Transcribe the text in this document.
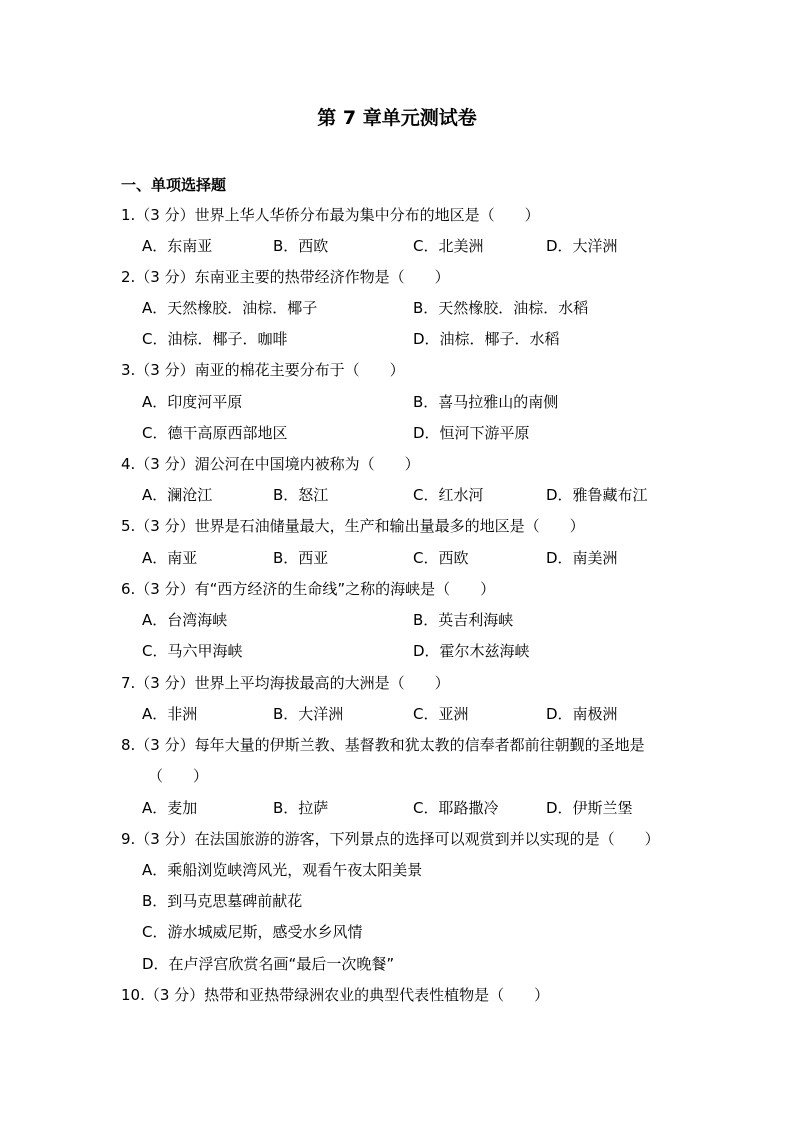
第 7 章单元测试卷
一、单项选择题
1.（3 分）世界上华人华侨分布最为集中分布的地区是（　　）
A．东南亚	B．西欧	C．北美洲	D．大洋洲
2.（3 分）东南亚主要的热带经济作物是（　　）
A．天然橡胶．油棕．椰子	B．天然橡胶．油棕．水稻
C．油棕．椰子．咖啡	D．油棕．椰子．水稻
3.（3 分）南亚的棉花主要分布于（　　）
A．印度河平原	B．喜马拉雅山的南侧
C．德干高原西部地区	D．恒河下游平原
4.（3 分）湄公河在中国境内被称为（　　）
A．澜沧江	B．怒江	C．红水河	D．雅鲁藏布江
5.（3 分）世界是石油储量最大，生产和输出量最多的地区是（　　）
A．南亚	B．西亚	C．西欧	D．南美洲
6.（3 分）有“西方经济的生命线”之称的海峡是（　　）
A．台湾海峡	B．英吉利海峡
C．马六甲海峡	D．霍尔木兹海峡
7.（3 分）世界上平均海拔最高的大洲是（　　）
A．非洲	B．大洋洲	C．亚洲	D．南极洲
8.（3 分）每年大量的伊斯兰教、基督教和犹太教的信奉者都前往朝觐的圣地是
（　　）
A．麦加	B．拉萨	C．耶路撒冷	D．伊斯兰堡
9.（3 分）在法国旅游的游客，下列景点的选择可以观赏到并以实现的是（　　）
A．乘船浏览峡湾风光，观看午夜太阳美景
B．到马克思墓碑前献花
C．游水城威尼斯，感受水乡风情
D．在卢浮宫欣赏名画“最后一次晚餐”
10.（3 分）热带和亚热带绿洲农业的典型代表性植物是（　　）
